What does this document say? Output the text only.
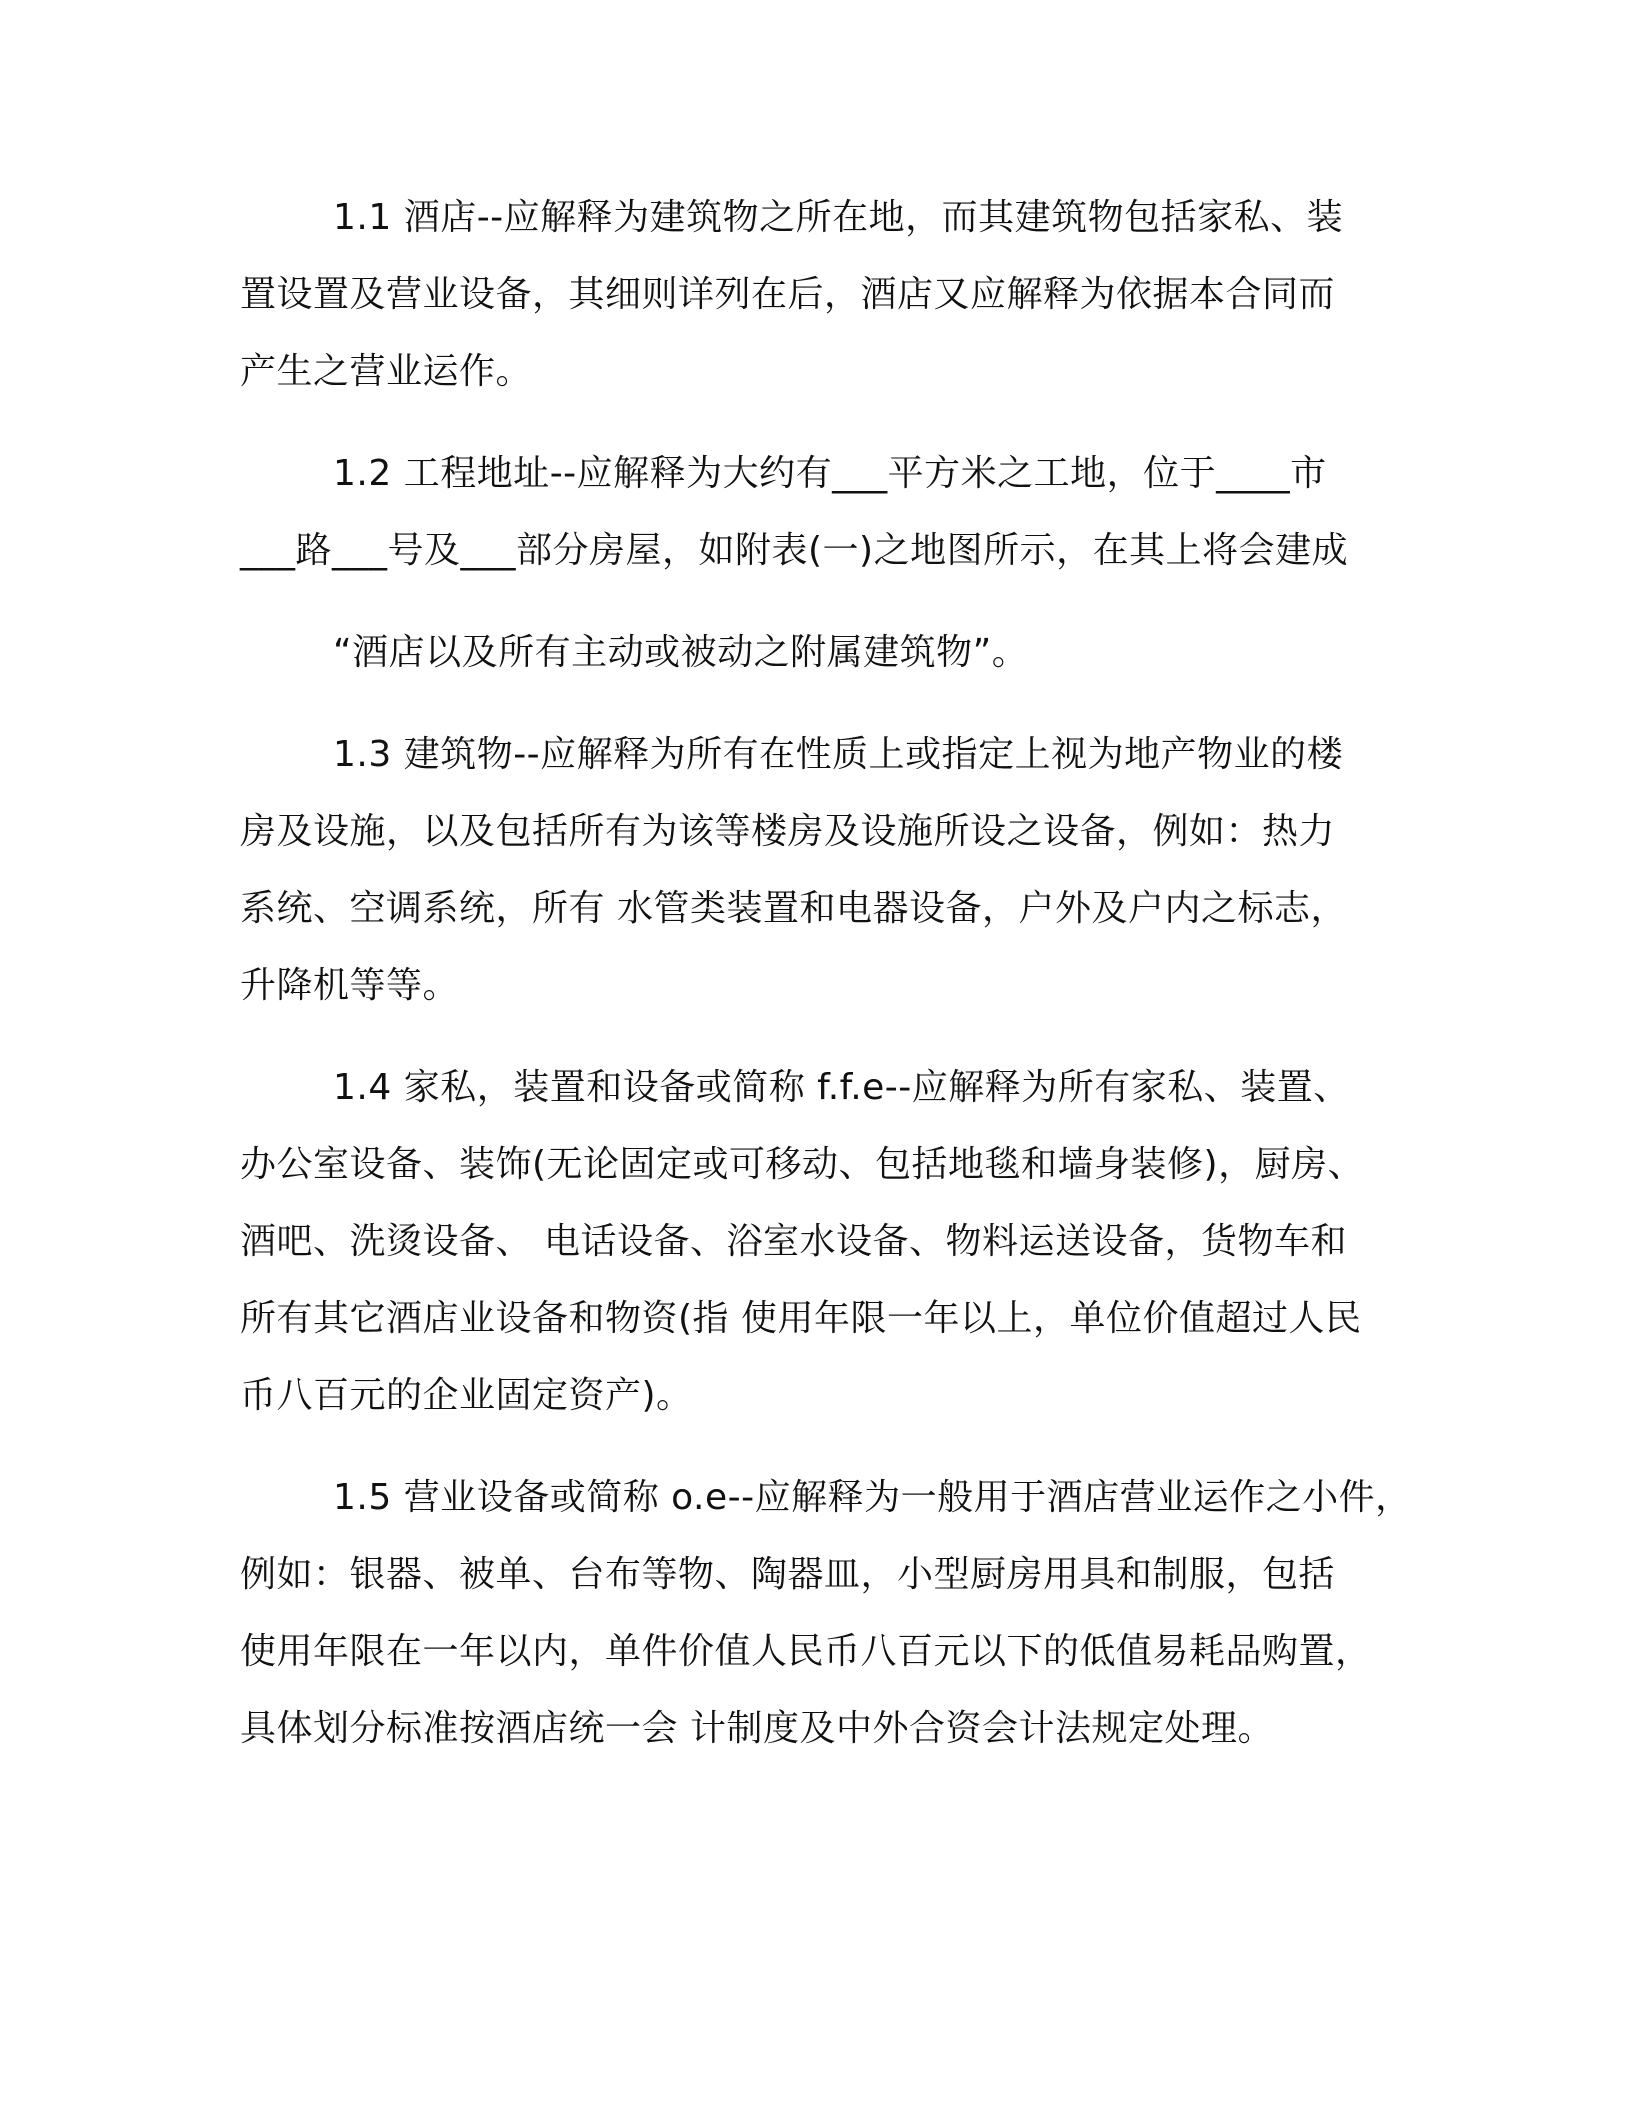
1.1 酒店--应解释为建筑物之所在地，而其建筑物包括家私、装
置设置及营业设备，其细则详列在后，酒店又应解释为依据本合同而
产生之营业运作。
1.2 工程地址--应解释为大约有___平方米之工地，位于____市
___路___号及___部分房屋，如附表(一)之地图所示，在其上将会建成
“酒店以及所有主动或被动之附属建筑物”。
1.3 建筑物--应解释为所有在性质上或指定上视为地产物业的楼
房及设施，以及包括所有为该等楼房及设施所设之设备，例如：热力
系统、空调系统，所有 水管类装置和电器设备，户外及户内之标志，
升降机等等。
1.4 家私，装置和设备或简称 f.f.e--应解释为所有家私、装置、
办公室设备、装饰(无论固定或可移动、包括地毯和墙身装修)，厨房、
酒吧、洗烫设备、 电话设备、浴室水设备、物料运送设备，货物车和
所有其它酒店业设备和物资(指 使用年限一年以上，单位价值超过人民
币八百元的企业固定资产)。
1.5 营业设备或简称 o.e--应解释为一般用于酒店营业运作之小件，
例如：银器、被单、台布等物、陶器皿，小型厨房用具和制服，包括
使用年限在一年以内，单件价值人民币八百元以下的低值易耗品购置，
具体划分标准按酒店统一会 计制度及中外合资会计法规定处理。
